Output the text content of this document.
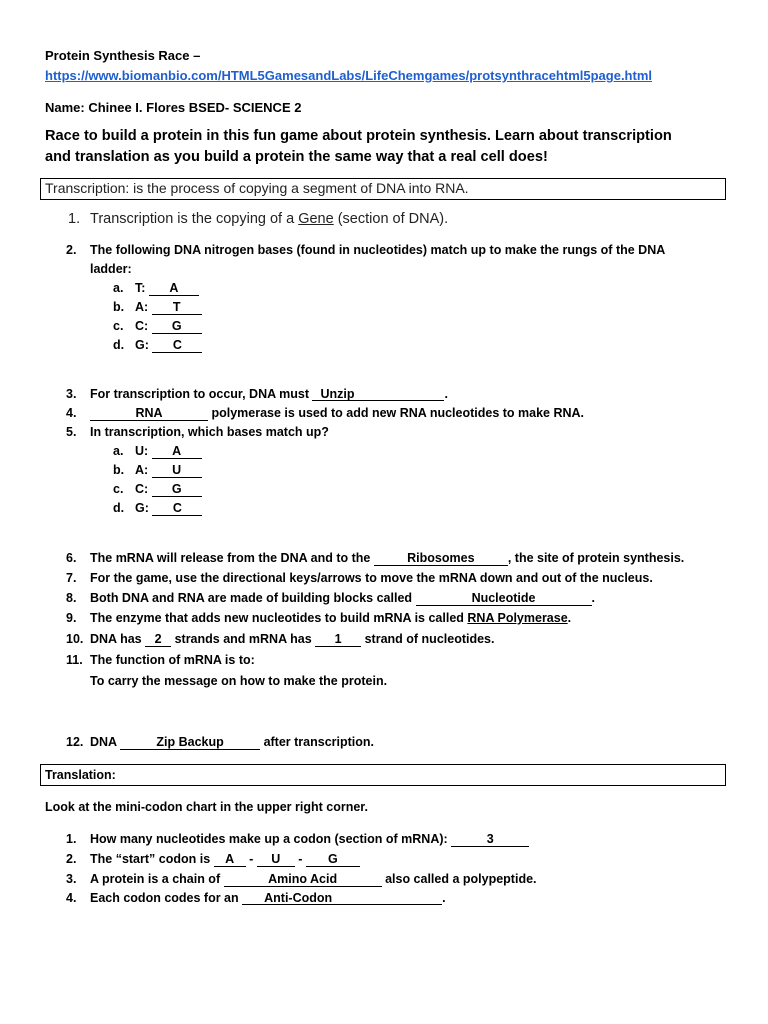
Protein Synthesis Race –
https://www.biomanbio.com/HTML5GamesandLabs/LifeChemgames/protsynthracehtml5page.html
Name: Chinee I. Flores BSED- SCIENCE 2
Race to build a protein in this fun game about protein synthesis. Learn about transcription
and translation as you build a protein the same way that a real cell does!
Transcription: is the process of copying a segment of DNA into RNA.
1. Transcription is the copying of a Gene (section of DNA).
2. The following DNA nitrogen bases (found in nucleotides) match up to make the rungs of the DNA
ladder:
a. T: A
b. A: T
c. C: G
d. G: C
3. For transcription to occur, DNA must Unzip	.
4.	RNA	polymerase is used to add new RNA nucleotides to make RNA.
5. In transcription, which bases match up?
a. U: A
b. A: U
c. C: G
d. G: C
6. The mRNA will release from the DNA and to the	Ribosomes	, the site of protein synthesis.
7. For the game, use the directional keys/arrows to move the mRNA down and out of the nucleus.
8. Both DNA and RNA are made of building blocks called	Nucleotide	.
9. The enzyme that adds new nucleotides to build mRNA is called RNA Polymerase.
10. DNA has 2 strands and mRNA has 1 strand of nucleotides.
11. The function of mRNA is to:
To carry the message on how to make the protein.
12. DNA	Zip Backup	after transcription.
Translation:
Look at the mini-codon chart in the upper right corner.
1. How many nucleotides make up a codon (section of mRNA):	3
2. The “start” codon is A - U - G
3. A protein is a chain of	Amino Acid	also called a polypeptide.
4. Each codon codes for an Anti-Codon	.
